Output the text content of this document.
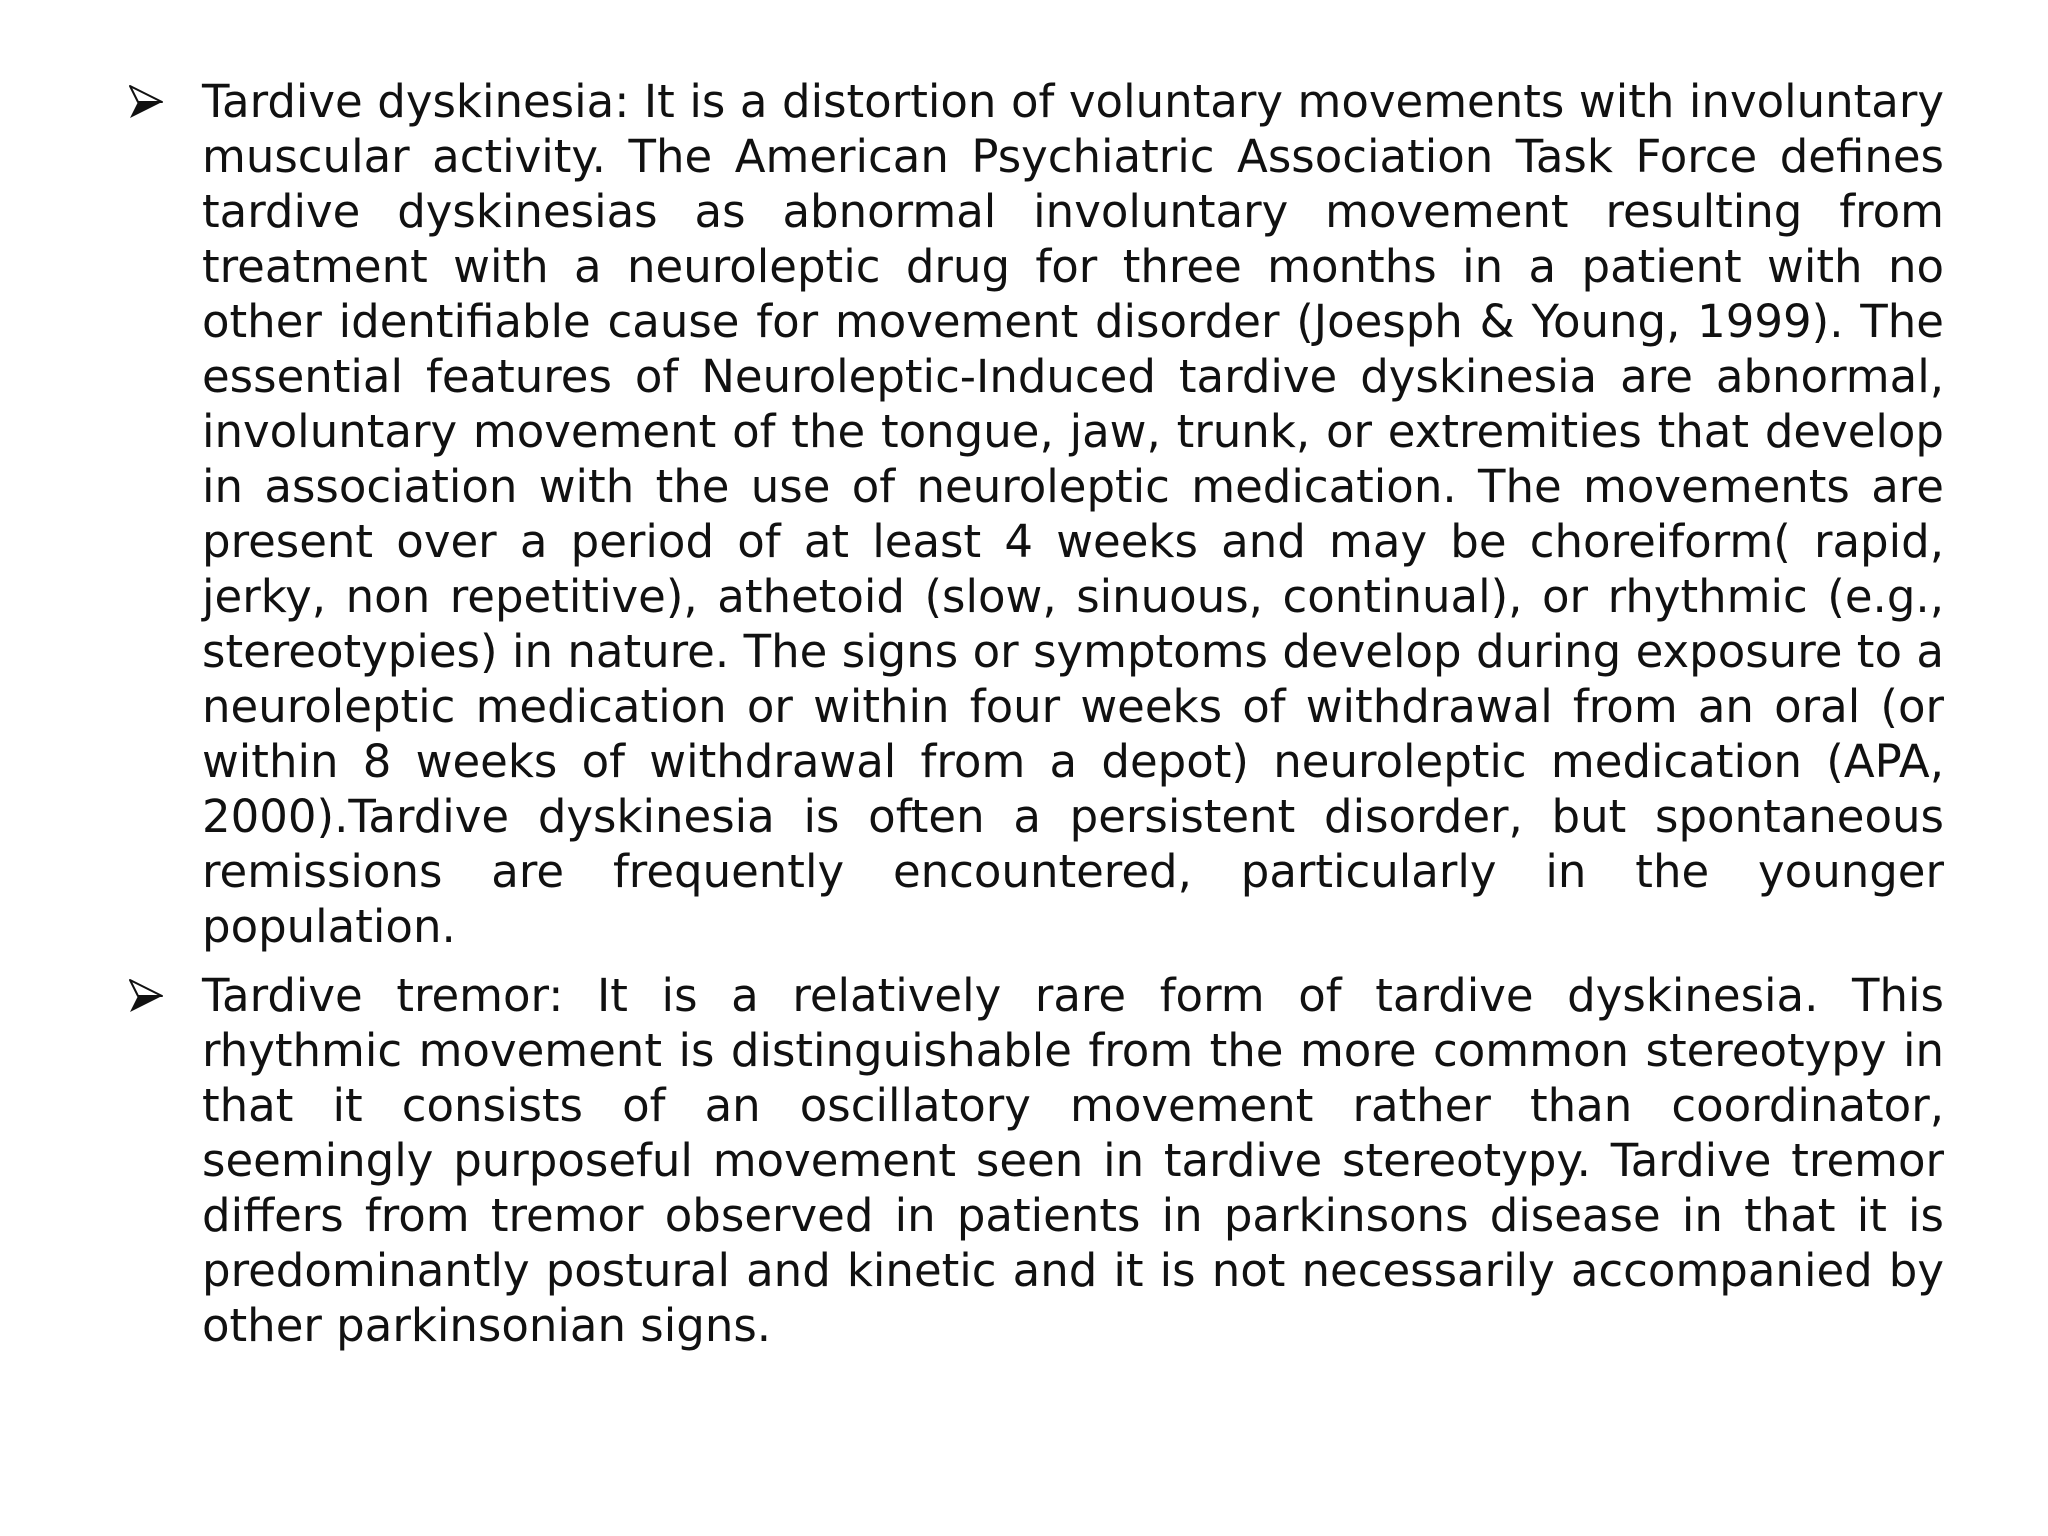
Tardive dyskinesia: It is a distortion of voluntary movements with involuntary muscular activity. The American Psychiatric Association Task Force defines tardive dyskinesias as abnormal involuntary movement resulting from treatment with a neuroleptic drug for three months in a patient with no other identifiable cause for movement disorder (Joesph & Young, 1999). The essential features of Neuroleptic-Induced tardive dyskinesia are abnormal, involuntary movement of the tongue, jaw, trunk, or extremities that develop in association with the use of neuroleptic medication. The movements are present over a period of at least 4 weeks and may be choreiform( rapid, jerky, non repetitive), athetoid (slow, sinuous, continual), or rhythmic (e.g., stereotypies) in nature. The signs or symptoms develop during exposure to a neuroleptic medication or within four weeks of withdrawal from an oral (or within 8 weeks of withdrawal from a depot) neuroleptic medication (APA, 2000).Tardive dyskinesia is often a persistent disorder, but spontaneous remissions are frequently encountered, particularly in the younger population.
Tardive tremor: It is a relatively rare form of tardive dyskinesia. This rhythmic movement is distinguishable from the more common stereotypy in that it consists of an oscillatory movement rather than coordinator, seemingly purposeful movement seen in tardive stereotypy. Tardive tremor differs from tremor observed in patients in parkinsons disease in that it is predominantly postural and kinetic and it is not necessarily accompanied by other parkinsonian signs.
